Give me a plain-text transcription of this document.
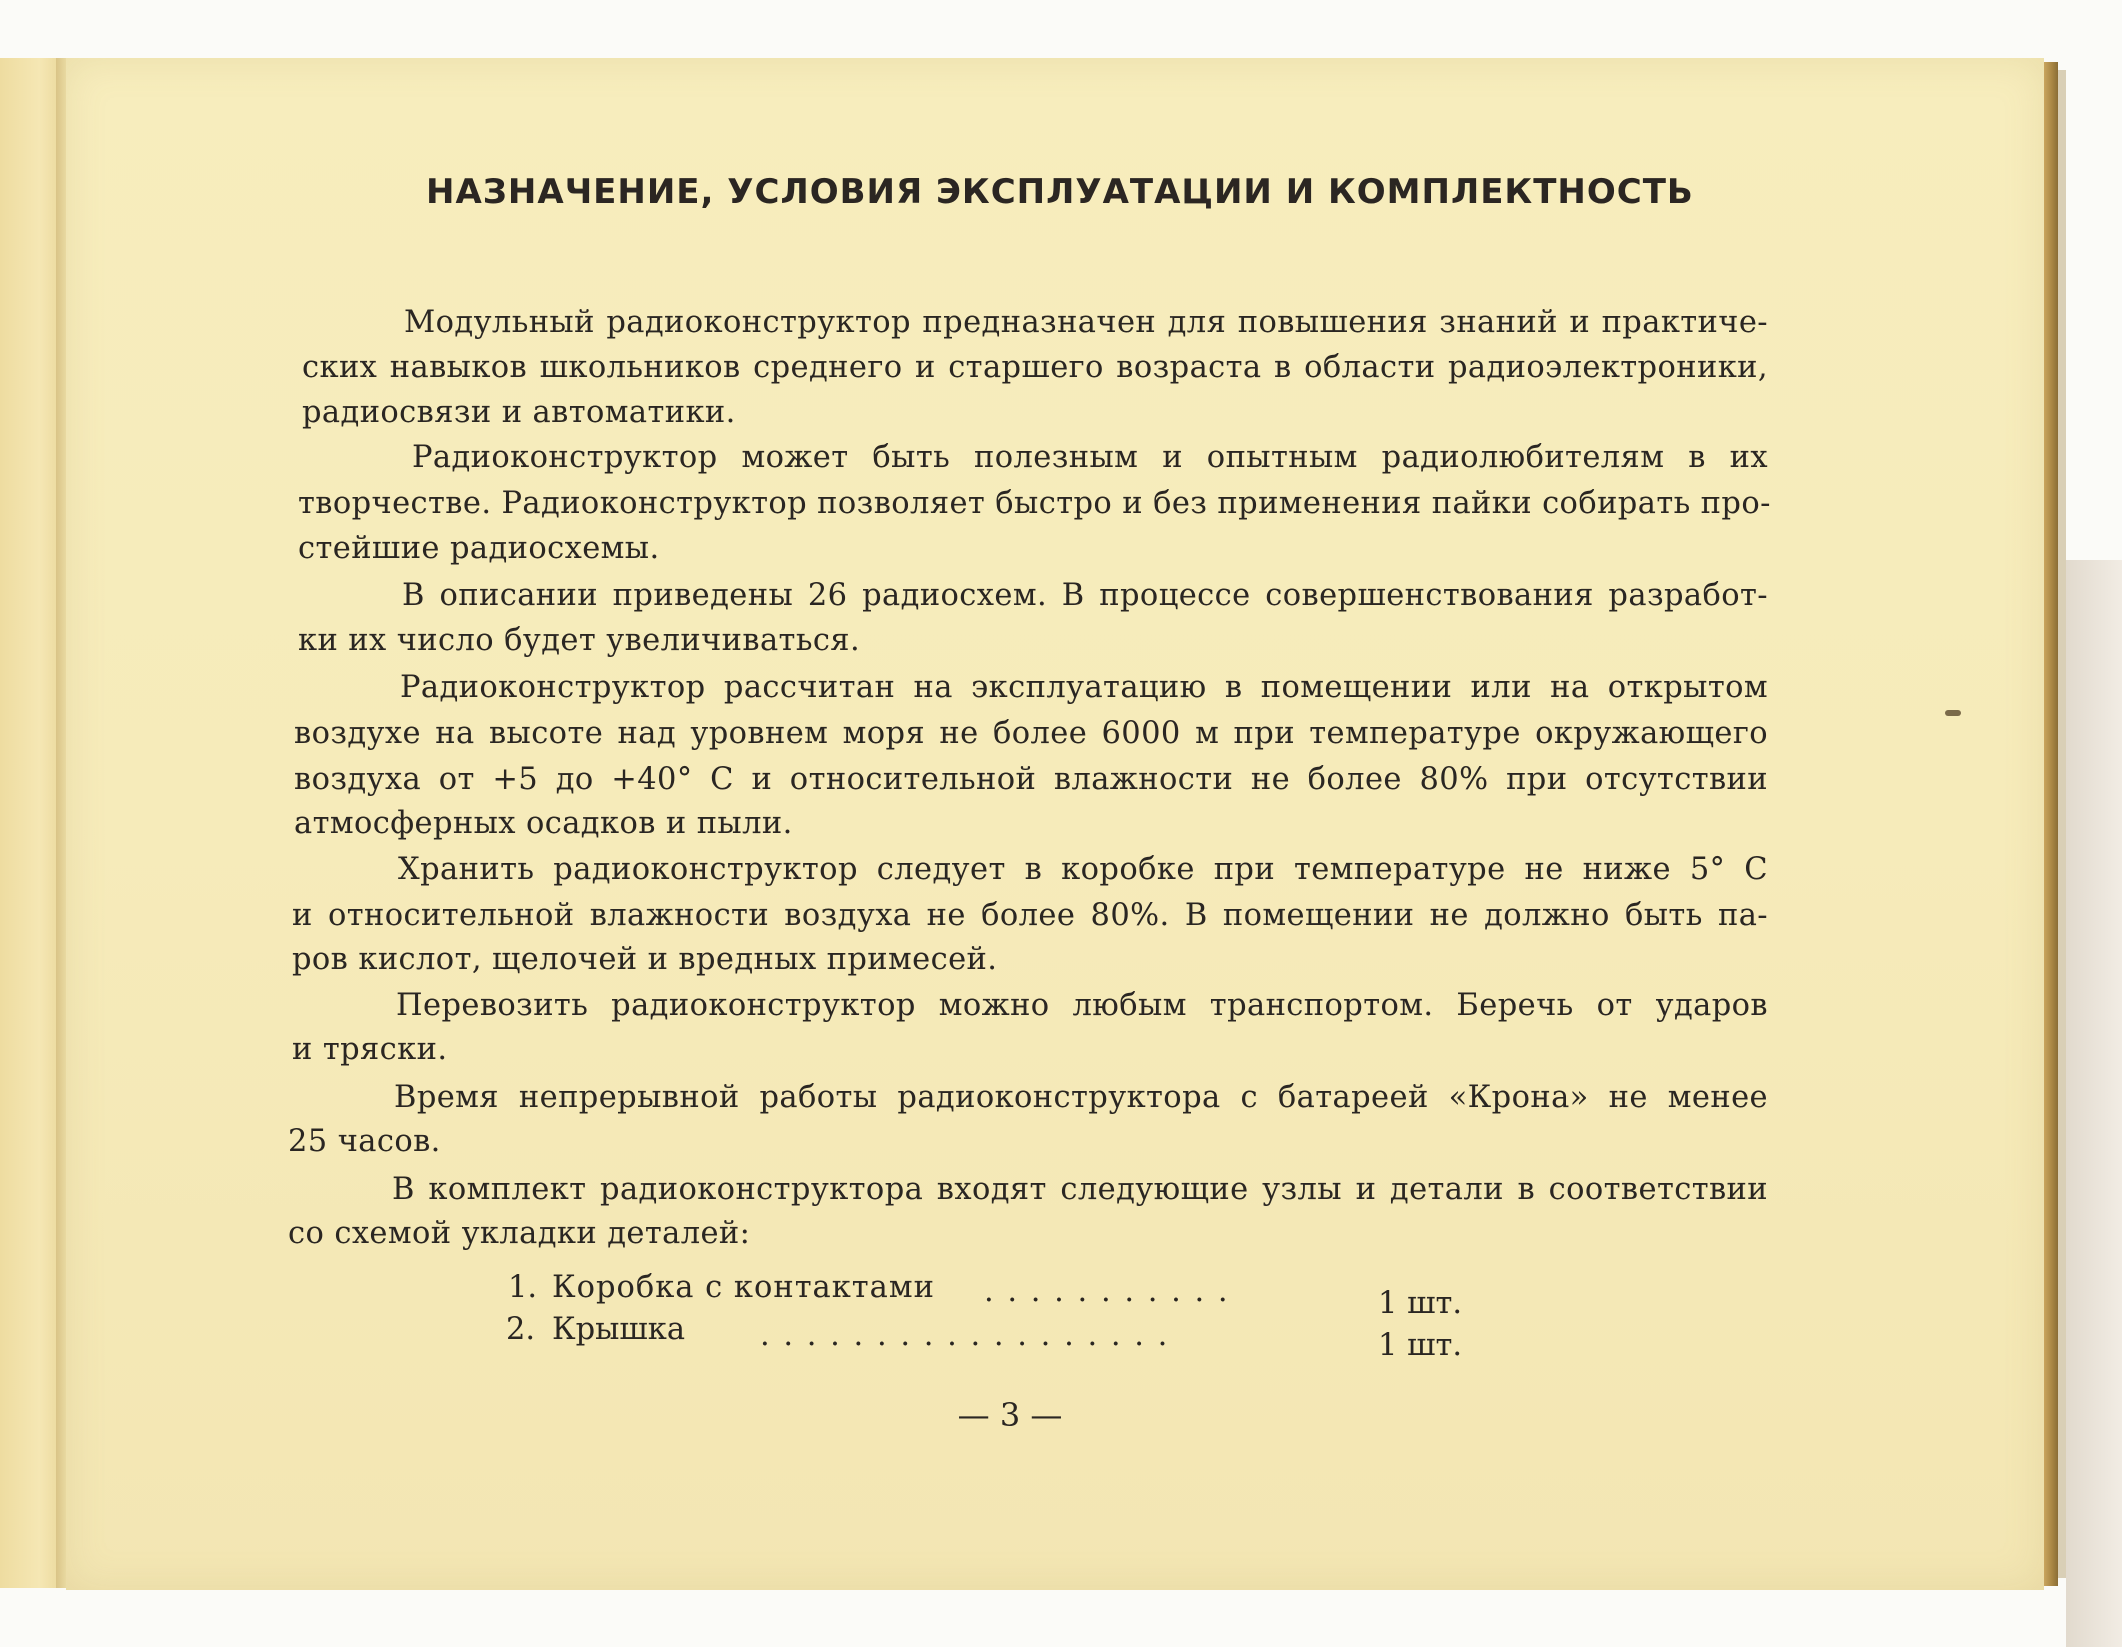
НАЗНАЧЕНИЕ, УСЛОВИЯ ЭКСПЛУАТАЦИИ И КОМПЛЕКТНОСТЬ
Модульный радиоконструктор предназначен для повышения знаний и практиче-
ских навыков школьников среднего и старшего возраста в области радиоэлектроники,
радиосвязи и автоматики.
Радиоконструктор может быть полезным и опытным радиолюбителям в их
творчестве. Радиоконструктор позволяет быстро и без применения пайки собирать про-
стейшие радиосхемы.
В описании приведены 26 радиосхем. В процессе совершенствования разработ-
ки их число будет увеличиваться.
Радиоконструктор рассчитан на эксплуатацию в помещении или на открытом
воздухе на высоте над уровнем моря не более 6000 м при температуре окружающего
воздуха от +5 до +40° С и относительной влажности не более 80% при отсутствии
атмосферных осадков и пыли.
Хранить радиоконструктор следует в коробке при температуре не ниже 5° С
и относительной влажности воздуха не более 80%. В помещении не должно быть па-
ров кислот, щелочей и вредных примесей.
Перевозить радиоконструктор можно любым транспортом. Беречь от ударов
и тряски.
Время непрерывной работы радиоконструктора с батареей «Крона» не менее
25 часов.
В комплект радиоконструктора входят следующие узлы и детали в соответствии
со схемой укладки деталей:
1. Коробка с контактами . . . . . . . . . . .	1 шт.
2. Крышка . . . . . . . . . . . . . . . . . .	1 шт.
— 3 —
